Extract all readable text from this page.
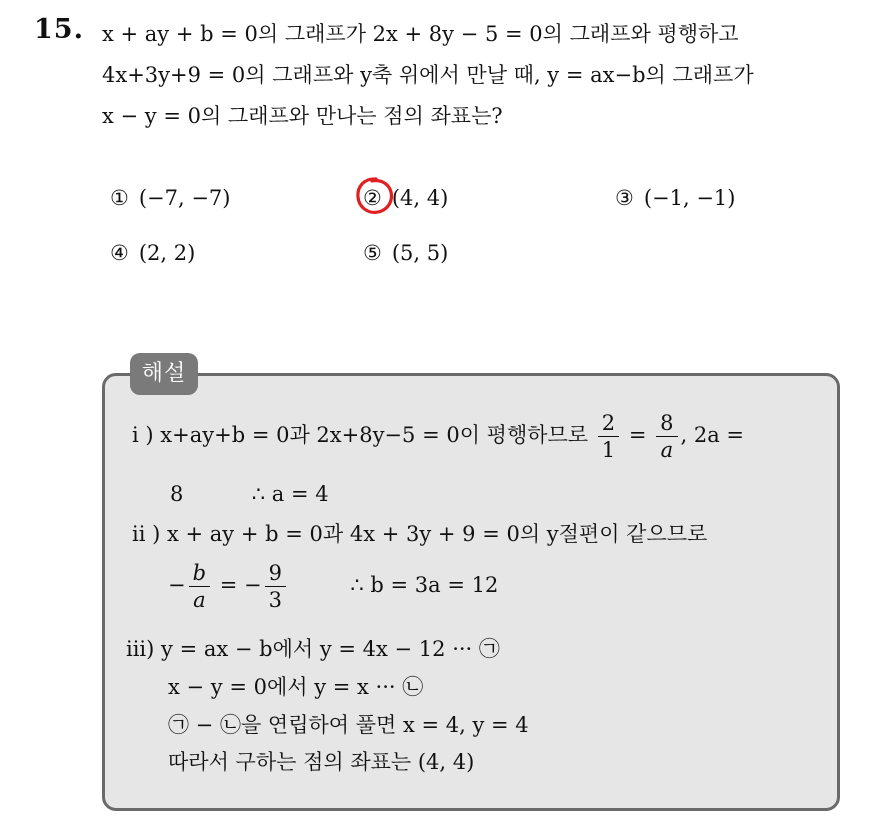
15. x + ay + b = 0의 그래프가 2x + 8y − 5 = 0의 그래프와 평행하고
4x+3y+9 = 0의 그래프와 y축 위에서 만날 때, y = ax−b의 그래프가
x − y = 0의 그래프와 만나는 점의 좌표는?
① (−7, −7)	② (4, 4)	③ (−1, −1)
④ (2, 2)	⑤ (5, 5)
해설
i ) x+ay+b = 0과 2x+8y−5 = 0이 평행하므로 $\frac{2}{1} = \frac{8}{a}$ , 2a =
8	∴ a = 4
ii ) x + ay + b = 0과 4x + 3y + 9 = 0의 y절편이 같으므로
− $\frac{b}{a}$ = − $\frac{9}{3}$	∴ b = 3a = 12
iii) y = ax − b에서 y = 4x − 12 ··· ㉠
x − y = 0에서 y = x ··· ㉡
㉠ − ㉡을 연립하여 풀면 x = 4, y = 4
따라서 구하는 점의 좌표는 (4, 4)
